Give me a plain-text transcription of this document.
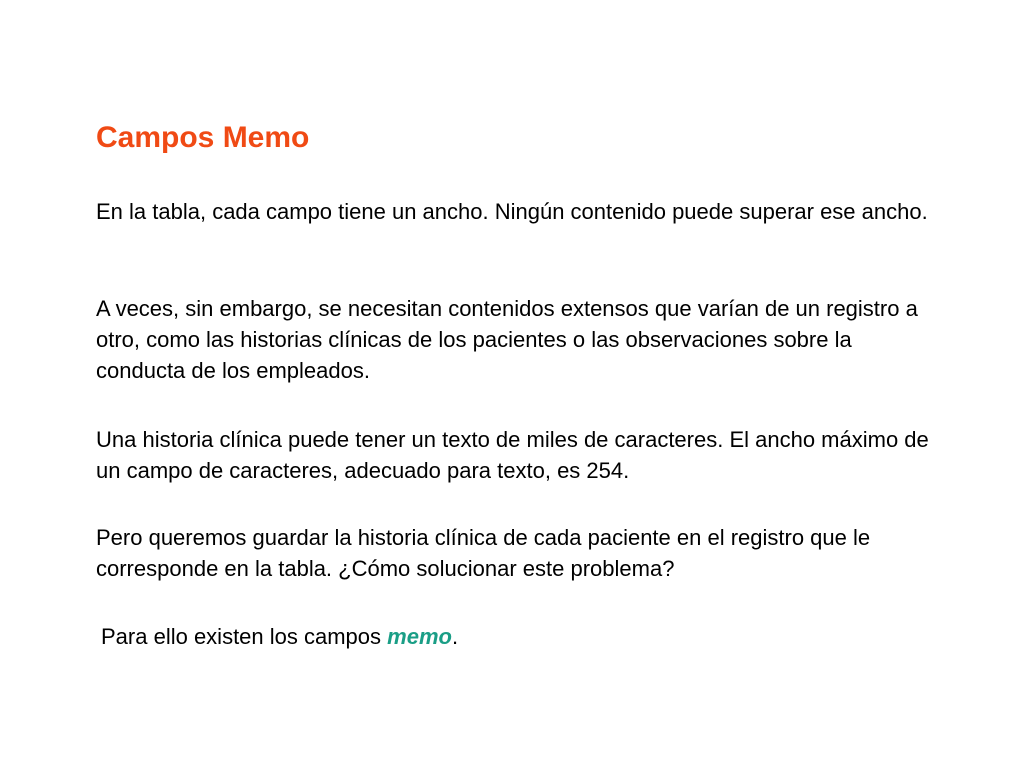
Campos Memo

En la tabla, cada campo tiene un ancho. Ningún contenido puede superar ese ancho.

A veces, sin embargo, se necesitan contenidos extensos que varían de un registro a otro, como las historias clínicas de los pacientes o las observaciones sobre la conducta de los empleados.

Una historia clínica puede tener un texto de miles de caracteres. El ancho máximo de un campo de caracteres, adecuado para texto, es 254.

Pero queremos guardar la historia clínica de cada paciente en el registro que le corresponde en la tabla. ¿Cómo solucionar este problema?

Para ello existen los campos memo.
